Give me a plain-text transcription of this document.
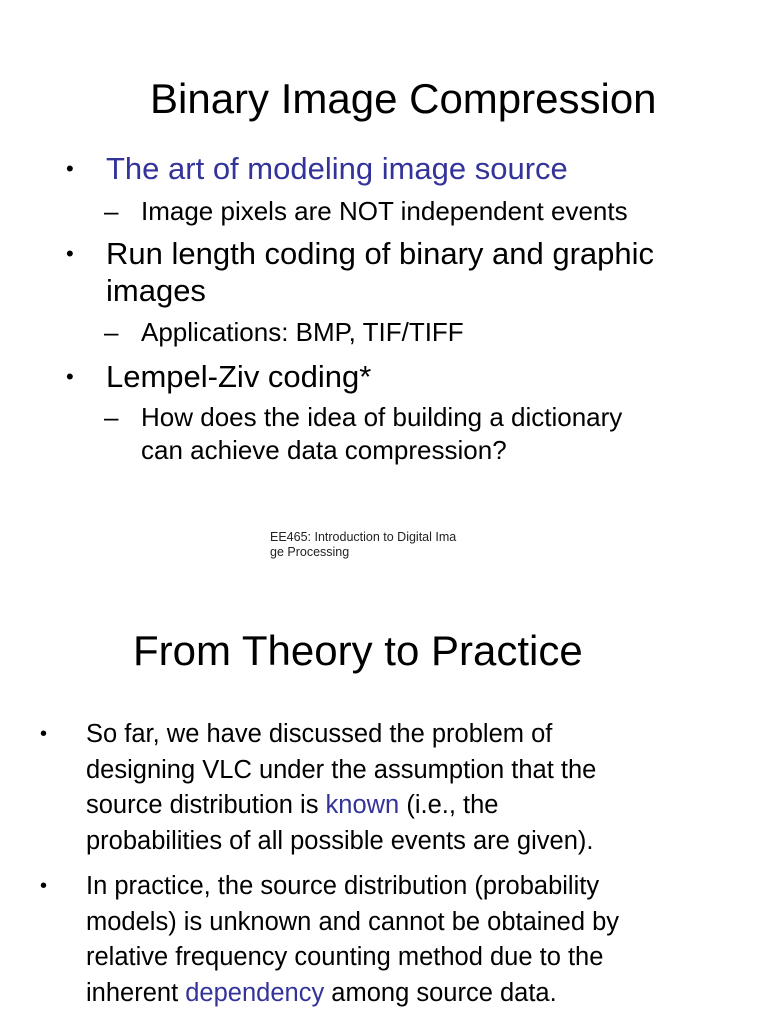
Binary Image Compression
• The art of modeling image source
– Image pixels are NOT independent events
• Run length coding of binary and graphic
images
– Applications: BMP, TIF/TIFF
• Lempel-Ziv coding*
– How does the idea of building a dictionary
can achieve data compression?
EE465: Introduction to Digital Ima
ge Processing
From Theory to Practice
• So far, we have discussed the problem of
designing VLC under the assumption that the
source distribution is known (i.e., the
probabilities of all possible events are given).
• In practice, the source distribution (probability
models) is unknown and cannot be obtained by
relative frequency counting method due to the
inherent dependency among source data.
